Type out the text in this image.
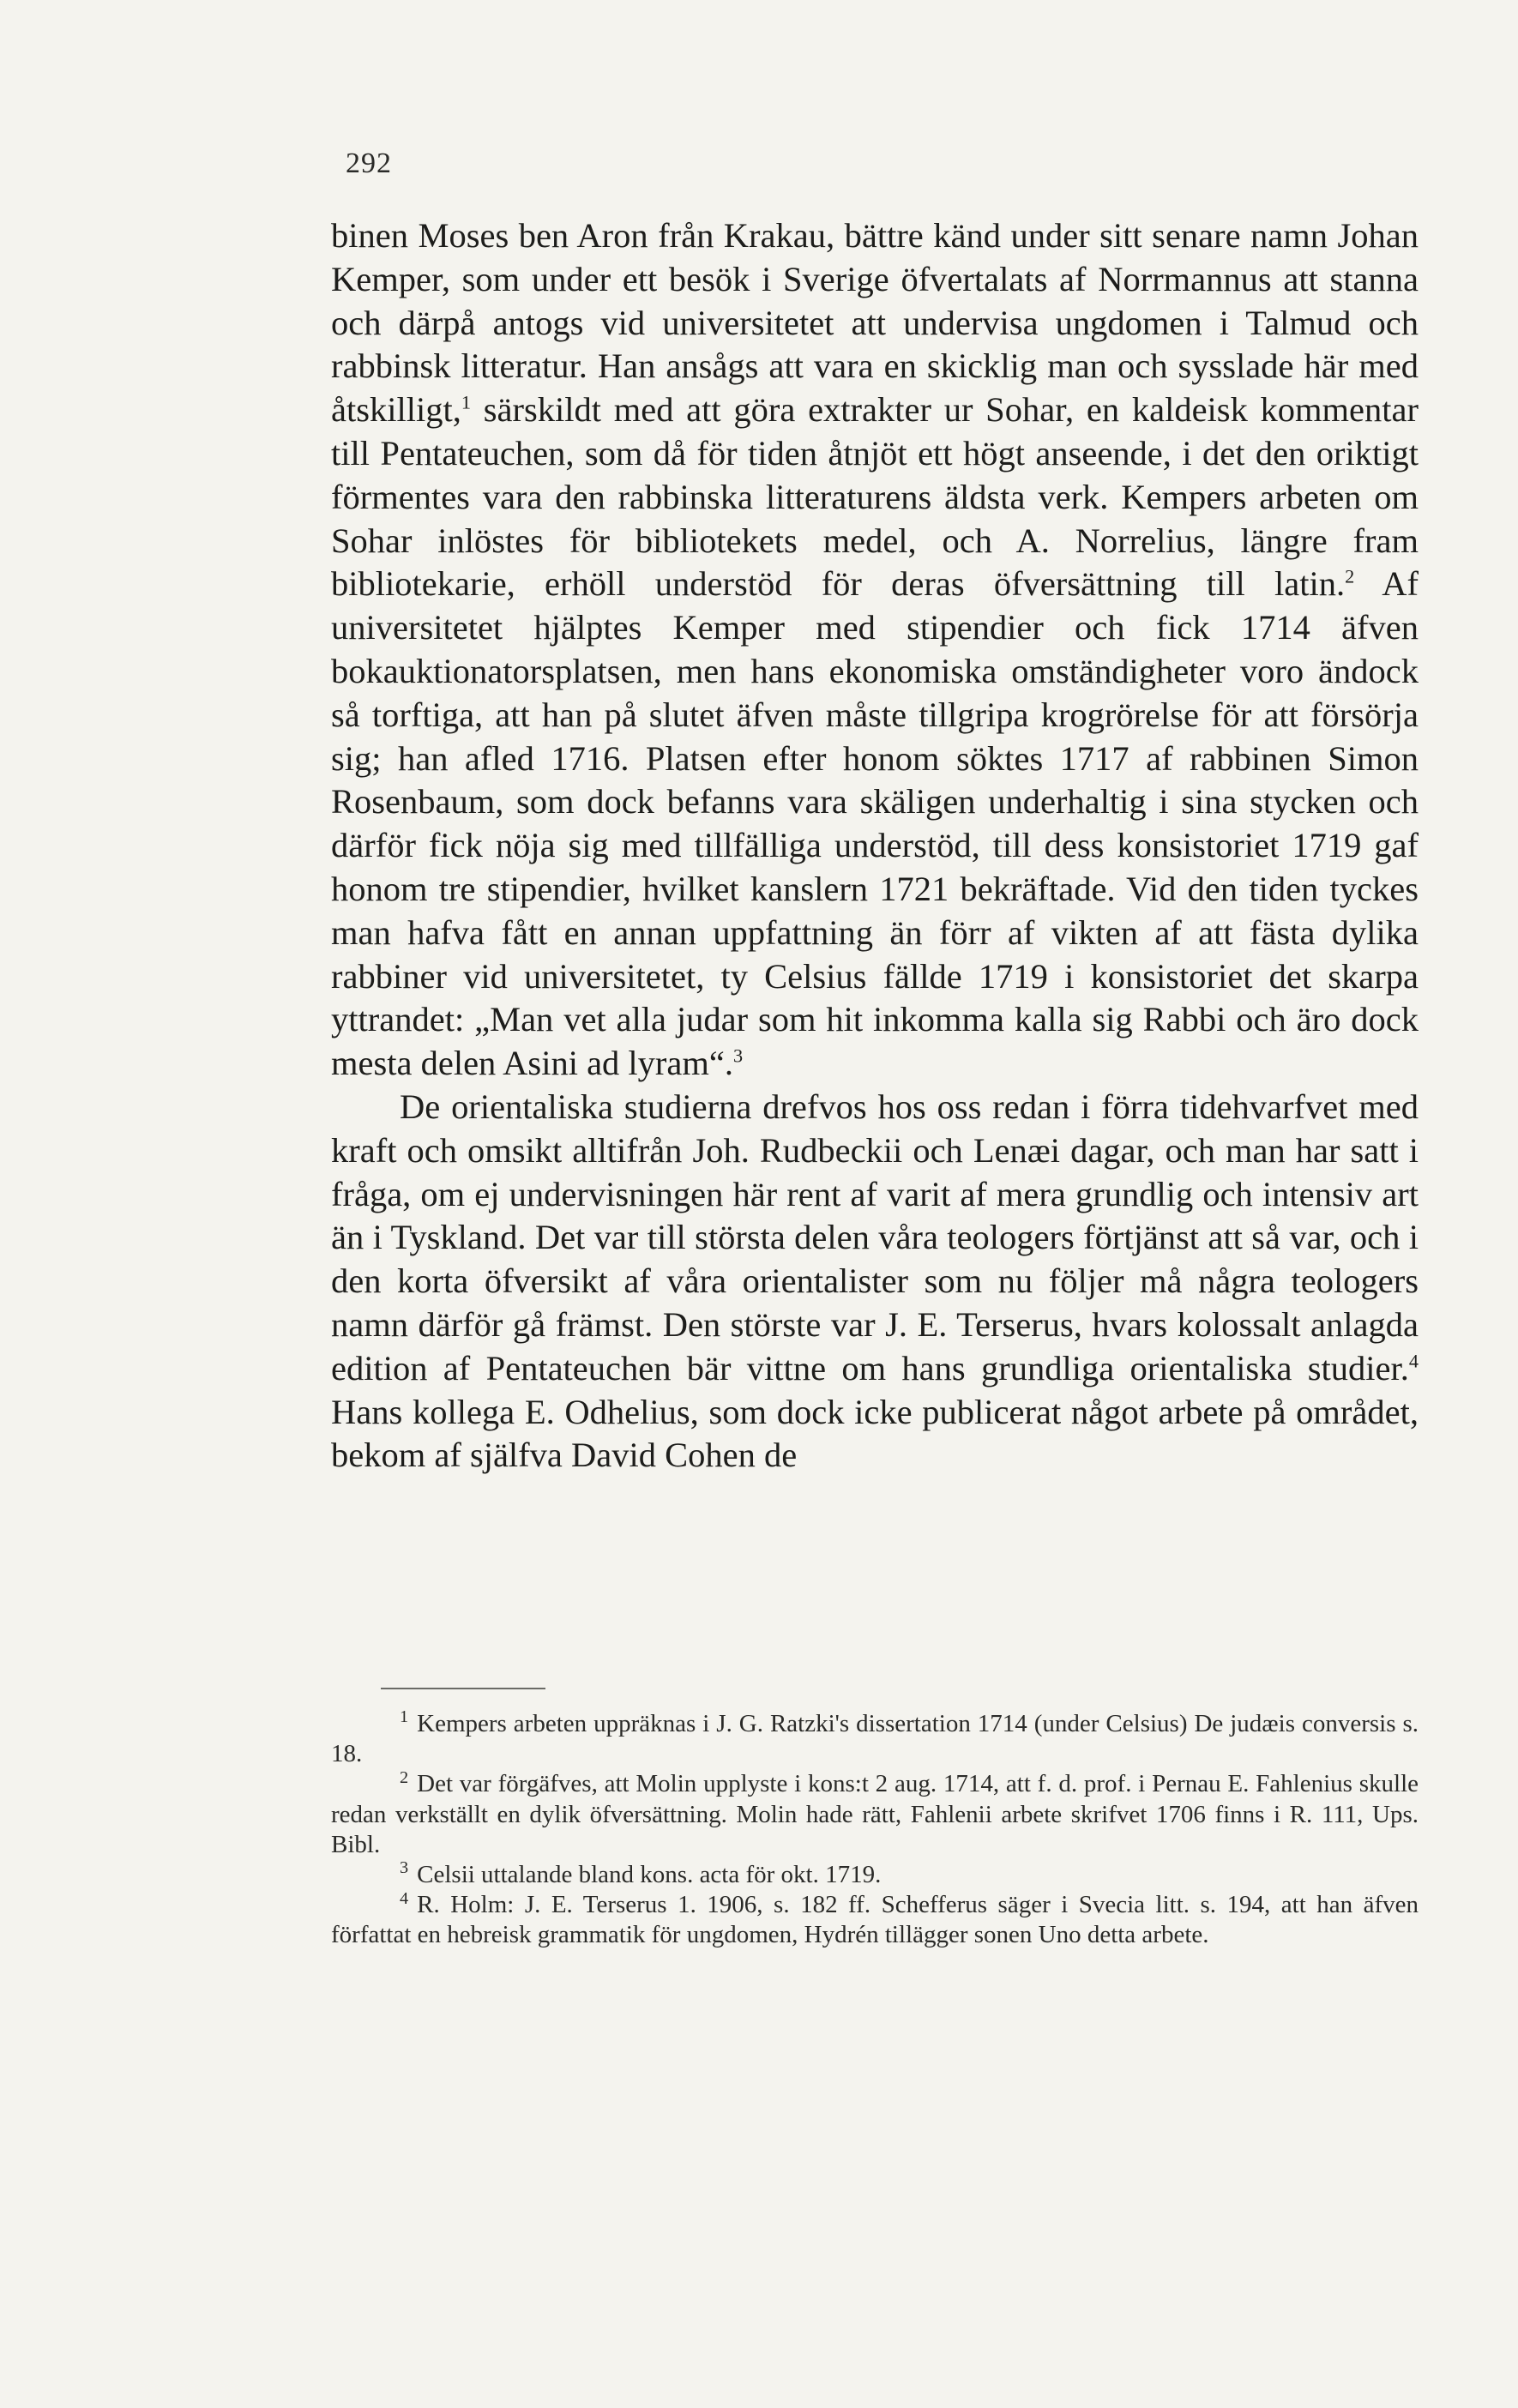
292

binen Moses ben Aron från Krakau, bättre känd under sitt senare namn Johan Kemper, som under ett besök i Sverige öfvertalats af Norrmannus att stanna och därpå antogs vid universitetet att undervisa ungdomen i Talmud och rabbinsk litteratur. Han ansågs att vara en skicklig man och sysslade här med åtskilligt,$^1$ särskildt med att göra extrakter ur Sohar, en kaldeisk kommentar till Pentateuchen, som då för tiden åtnjöt ett högt anseende, i det den oriktigt förmentes vara den rabbinska litteraturens äldsta verk. Kempers arbeten om Sohar inlöstes för bibliotekets medel, och A. Norrelius, längre fram bibliotekarie, erhöll understöd för deras öfversättning till latin.$^2$ Af universitetet hjälptes Kemper med stipendier och fick 1714 äfven bokauktionatorsplatsen, men hans ekonomiska omständigheter voro ändock så torftiga, att han på slutet äfven måste tillgripa krogrörelse för att försörja sig; han afled 1716. Platsen efter honom söktes 1717 af rabbinen Simon Rosenbaum, som dock befanns vara skäligen underhaltig i sina stycken och därför fick nöja sig med tillfälliga understöd, till dess konsistoriet 1719 gaf honom tre stipendier, hvilket kanslern 1721 bekräftade. Vid den tiden tyckes man hafva fått en annan uppfattning än förr af vikten af att fästa dylika rabbiner vid universitetet, ty Celsius fällde 1719 i konsistoriet det skarpa yttrandet: „Man vet alla judar som hit inkomma kalla sig Rabbi och äro dock mesta delen Asini ad lyram“.$^3$

De orientaliska studierna drefvos hos oss redan i förra tidehvarfvet med kraft och omsikt alltifrån Joh. Rudbeckii och Lenæi dagar, och man har satt i fråga, om ej undervisningen här rent af varit af mera grundlig och intensiv art än i Tyskland. Det var till största delen våra teologers förtjänst att så var, och i den korta öfversikt af våra orientalister som nu följer må några teologers namn därför gå främst. Den störste var J. E. Terserus, hvars kolossalt anlagda edition af Pentateuchen bär vittne om hans grundliga orientaliska studier.$^4$ Hans kollega E. Odhelius, som dock icke publicerat något arbete på området, bekom af själfva David Cohen de

$^1$ Kempers arbeten uppräknas i J. G. Ratzki's dissertation 1714 (under Celsius) De judæis conversis s. 18.

$^2$ Det var förgäfves, att Molin upplyste i kons:t 2 aug. 1714, att f. d. prof. i Pernau E. Fahlenius skulle redan verkställt en dylik öfversättning. Molin hade rätt, Fahlenii arbete skrifvet 1706 finns i R. 111, Ups. Bibl.

$^3$ Celsii uttalande bland kons. acta för okt. 1719.

$^4$ R. Holm: J. E. Terserus 1. 1906, s. 182 ff. Schefferus säger i Svecia litt. s. 194, att han äfven författat en hebreisk grammatik för ungdomen, Hydrén tillägger sonen Uno detta arbete.
